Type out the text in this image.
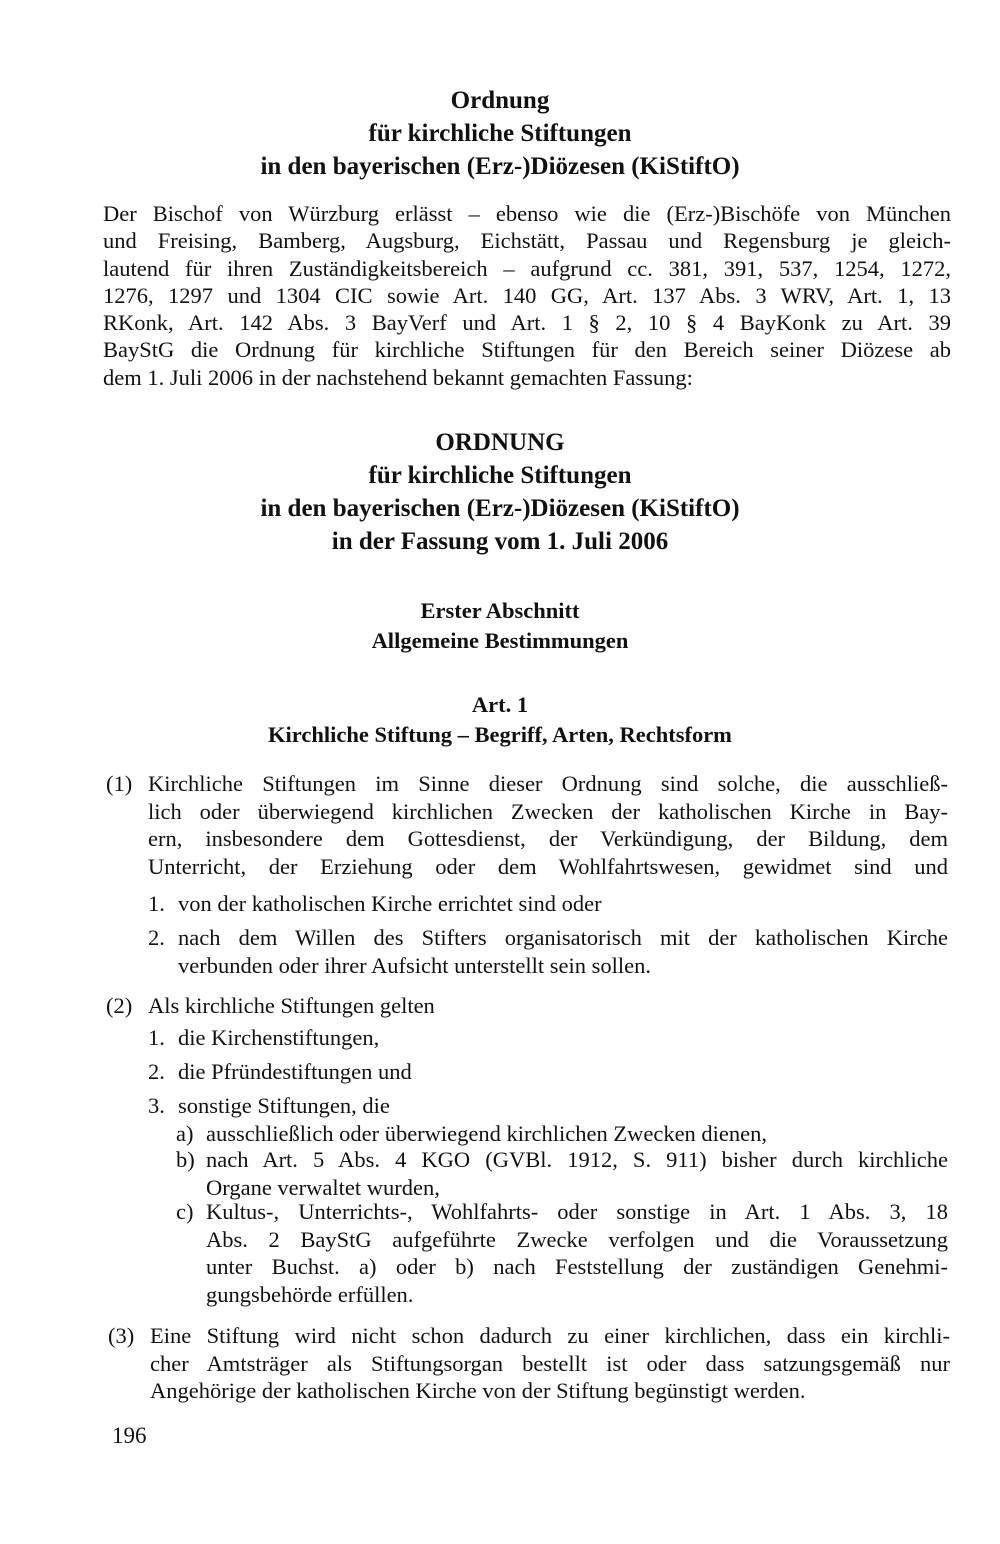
Ordnung
für kirchliche Stiftungen
in den bayerischen (Erz-)Diözesen (KiStiftO)
Der Bischof von Würzburg erlässt – ebenso wie die (Erz-)Bischöfe von München
und Freising, Bamberg, Augsburg, Eichstätt, Passau und Regensburg je gleich-
lautend für ihren Zuständigkeitsbereich – aufgrund cc. 381, 391, 537, 1254, 1272,
1276, 1297 und 1304 CIC sowie Art. 140 GG, Art. 137 Abs. 3 WRV, Art. 1, 13
RKonk, Art. 142 Abs. 3 BayVerf und Art. 1 § 2, 10 § 4 BayKonk zu Art. 39
BayStG die Ordnung für kirchliche Stiftungen für den Bereich seiner Diözese ab
dem 1. Juli 2006 in der nachstehend bekannt gemachten Fassung:
ORDNUNG
für kirchliche Stiftungen
in den bayerischen (Erz-)Diözesen (KiStiftO)
in der Fassung vom 1. Juli 2006
Erster Abschnitt
Allgemeine Bestimmungen
Art. 1
Kirchliche Stiftung – Begriff, Arten, Rechtsform
(1) Kirchliche Stiftungen im Sinne dieser Ordnung sind solche, die ausschließ-
lich oder überwiegend kirchlichen Zwecken der katholischen Kirche in Bay-
ern, insbesondere dem Gottesdienst, der Verkündigung, der Bildung, dem
Unterricht, der Erziehung oder dem Wohlfahrtswesen, gewidmet sind und
1. von der katholischen Kirche errichtet sind oder
2. nach dem Willen des Stifters organisatorisch mit der katholischen Kirche
verbunden oder ihrer Aufsicht unterstellt sein sollen.
(2) Als kirchliche Stiftungen gelten
1. die Kirchenstiftungen,
2. die Pfründestiftungen und
3. sonstige Stiftungen, die
a) ausschließlich oder überwiegend kirchlichen Zwecken dienen,
b) nach Art. 5 Abs. 4 KGO (GVBl. 1912, S. 911) bisher durch kirchliche
Organe verwaltet wurden,
c) Kultus-, Unterrichts-, Wohlfahrts- oder sonstige in Art. 1 Abs. 3, 18
Abs. 2 BayStG aufgeführte Zwecke verfolgen und die Voraussetzung
unter Buchst. a) oder b) nach Feststellung der zuständigen Genehmi-
gungsbehörde erfüllen.
(3) Eine Stiftung wird nicht schon dadurch zu einer kirchlichen, dass ein kirchli-
cher Amtsträger als Stiftungsorgan bestellt ist oder dass satzungsgemäß nur
Angehörige der katholischen Kirche von der Stiftung begünstigt werden.
196
